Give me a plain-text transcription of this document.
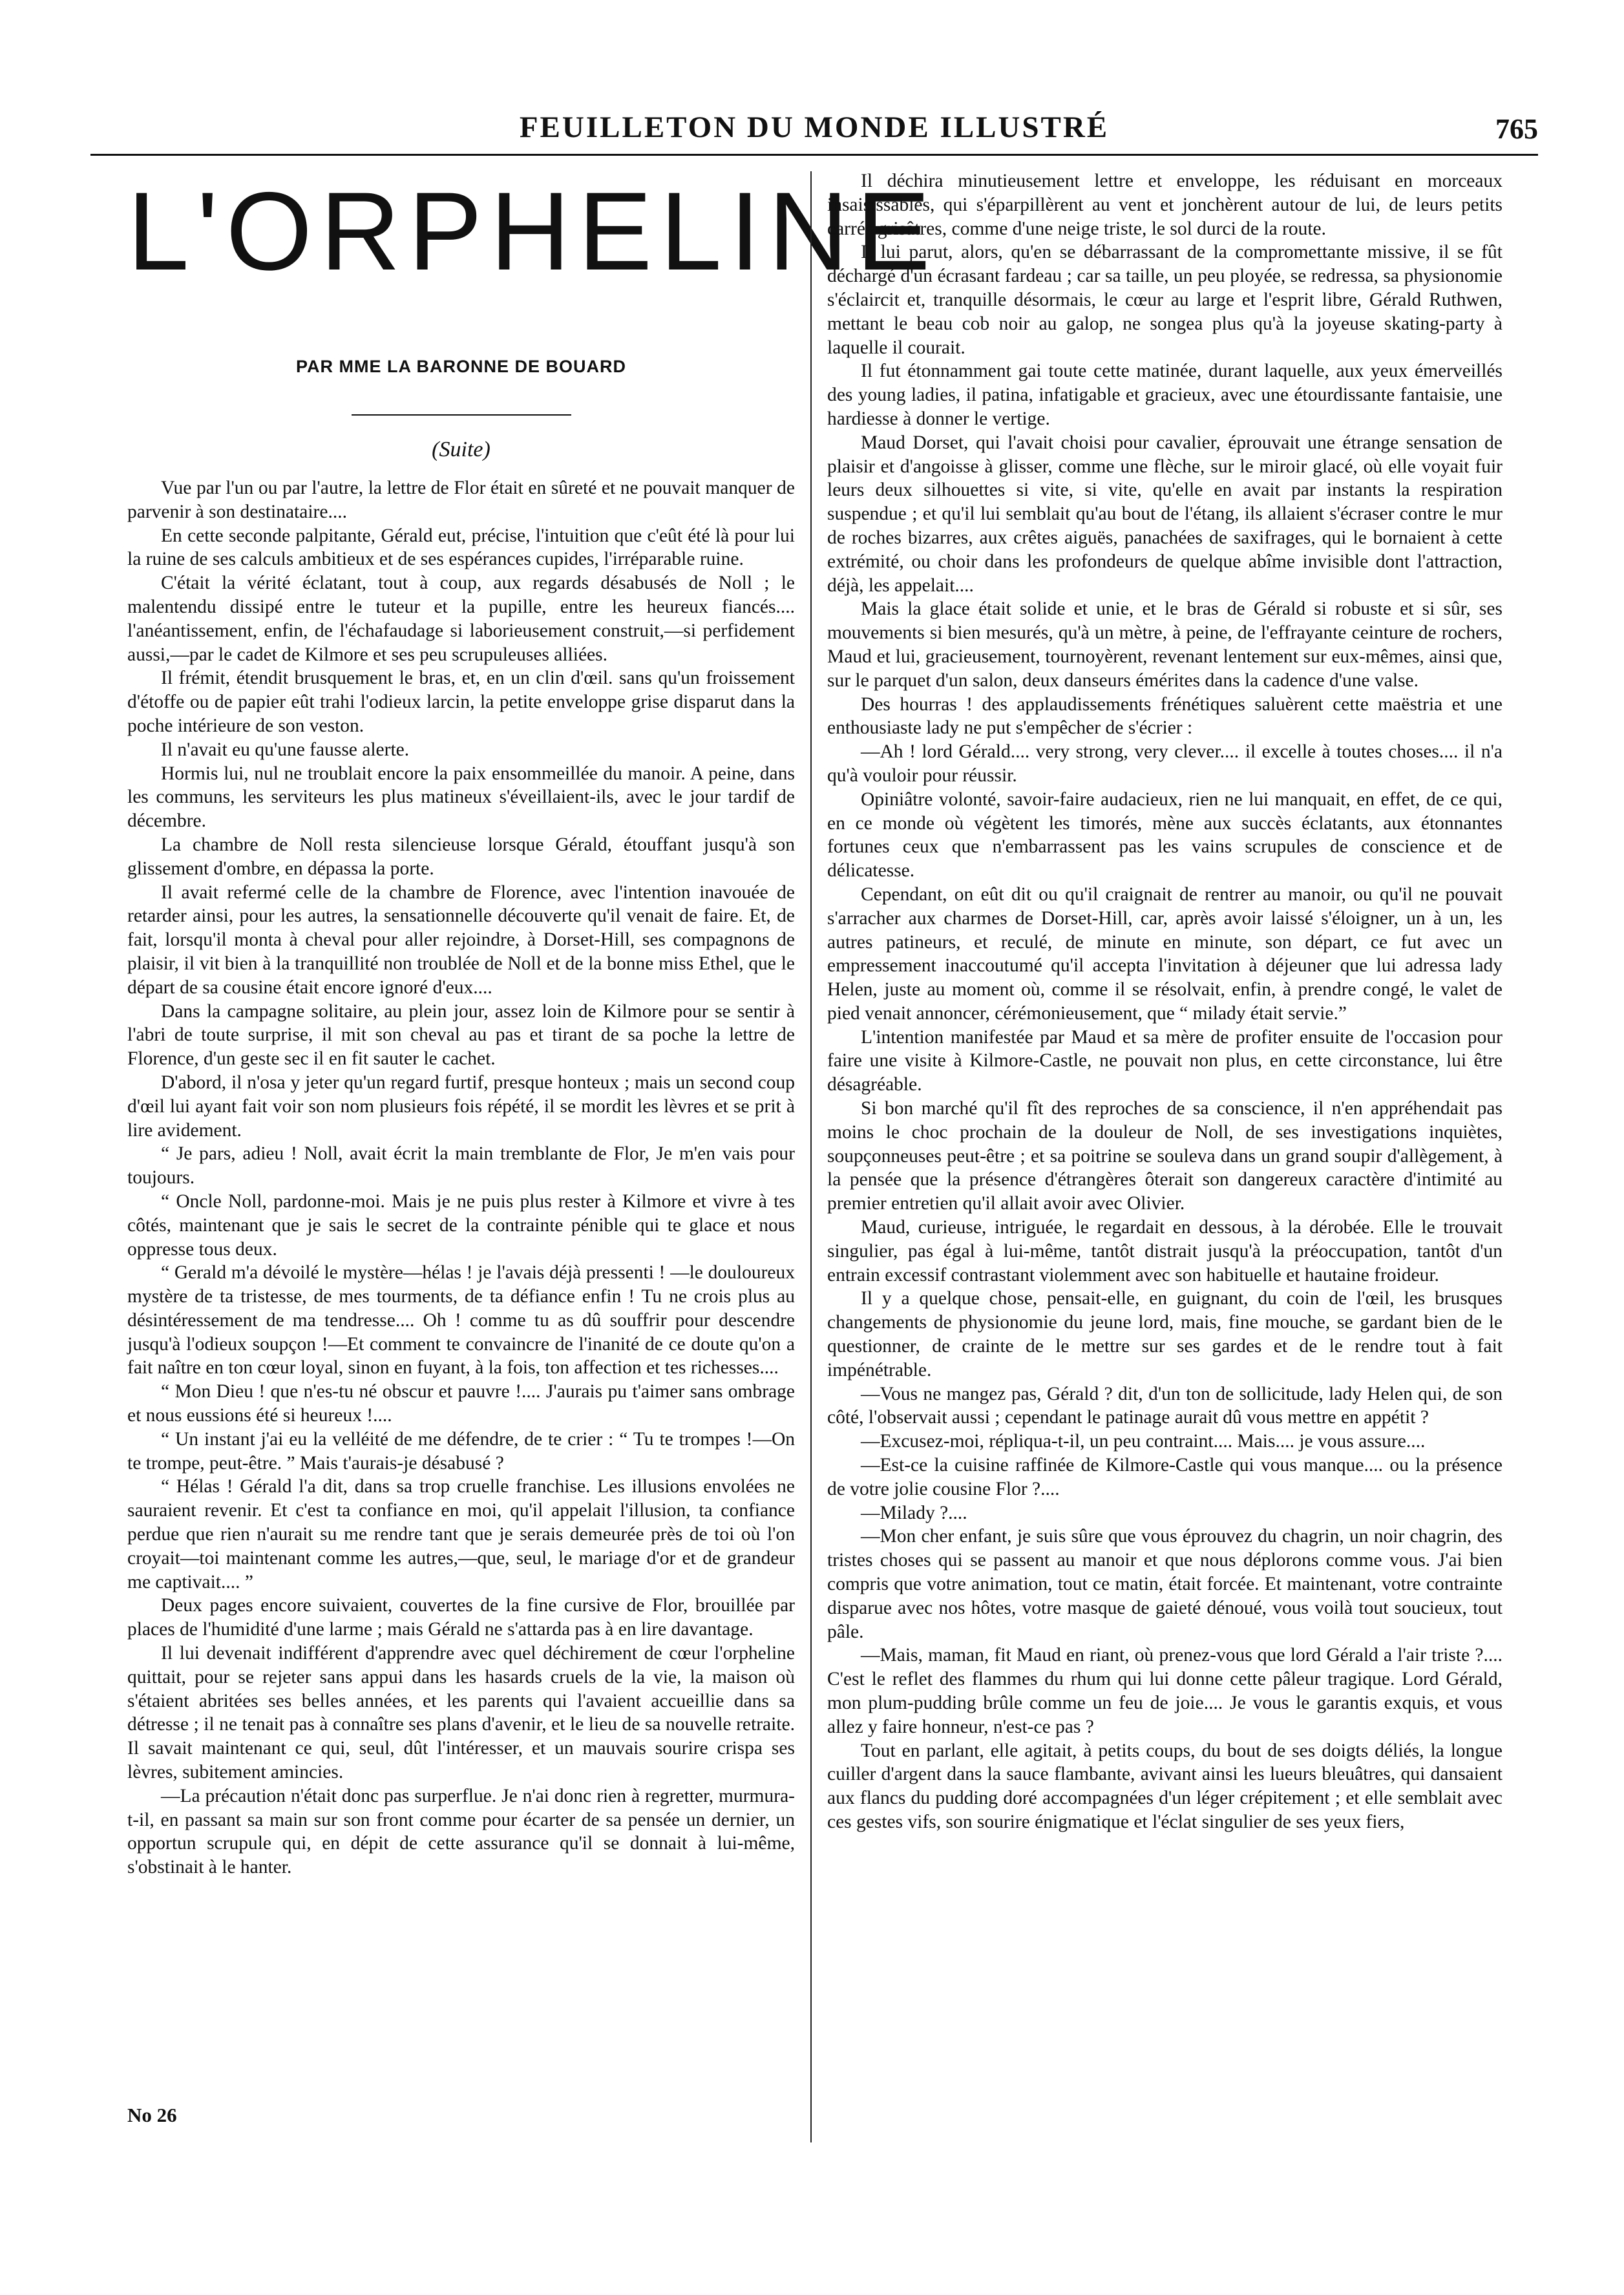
FEUILLETON DU MONDE ILLUSTRÉ	765
L'ORPHELINE
PAR MME LA BARONNE DE BOUARD
(Suite)

Vue par l'un ou par l'autre, la lettre de Flor était en sûreté et ne pouvait manquer de parvenir à son destinataire....

En cette seconde palpitante, Gérald eut, précise, l'intuition que c'eût été là pour lui la ruine de ses calculs ambitieux et de ses espérances cupides, l'irréparable ruine.

C'était la vérité éclatant, tout à coup, aux regards désabusés de Noll ; le malentendu dissipé entre le tuteur et la pupille, entre les heureux fiancés.... l'anéantissement, enfin, de l'échafaudage si laborieusement construit,—si perfidement aussi,—par le cadet de Kilmore et ses peu scrupuleuses alliées.

Il frémit, étendit brusquement le bras, et, en un clin d'œil. sans qu'un froissement d'étoffe ou de papier eût trahi l'odieux larcin, la petite enveloppe grise disparut dans la poche intérieure de son veston.

Il n'avait eu qu'une fausse alerte.

Hormis lui, nul ne troublait encore la paix ensommeillée du manoir. A peine, dans les communs, les serviteurs les plus matineux s'éveillaient-ils, avec le jour tardif de décembre.

La chambre de Noll resta silencieuse lorsque Gérald, étouffant jusqu'à son glissement d'ombre, en dépassa la porte.

Il avait refermé celle de la chambre de Florence, avec l'intention inavouée de retarder ainsi, pour les autres, la sensationnelle découverte qu'il venait de faire. Et, de fait, lorsqu'il monta à cheval pour aller rejoindre, à Dorset-Hill, ses compagnons de plaisir, il vit bien à la tranquillité non troublée de Noll et de la bonne miss Ethel, que le départ de sa cousine était encore ignoré d'eux....

Dans la campagne solitaire, au plein jour, assez loin de Kilmore pour se sentir à l'abri de toute surprise, il mit son cheval au pas et tirant de sa poche la lettre de Florence, d'un geste sec il en fit sauter le cachet.

D'abord, il n'osa y jeter qu'un regard furtif, presque honteux ; mais un second coup d'œil lui ayant fait voir son nom plusieurs fois répété, il se mordit les lèvres et se prit à lire avidement.

“ Je pars, adieu ! Noll, avait écrit la main tremblante de Flor, Je m'en vais pour toujours.

“ Oncle Noll, pardonne-moi. Mais je ne puis plus rester à Kilmore et vivre à tes côtés, maintenant que je sais le secret de la contrainte pénible qui te glace et nous oppresse tous deux.

“ Gerald m'a dévoilé le mystère—hélas ! je l'avais déjà pressenti ! —le douloureux mystère de ta tristesse, de mes tourments, de ta défiance enfin ! Tu ne crois plus au désintéressement de ma tendresse.... Oh ! comme tu as dû souffrir pour descendre jusqu'à l'odieux soupçon !—Et comment te convaincre de l'inanité de ce doute qu'on a fait naître en ton cœur loyal, sinon en fuyant, à la fois, ton affection et tes richesses....

“ Mon Dieu ! que n'es-tu né obscur et pauvre !.... J'aurais pu t'aimer sans ombrage et nous eussions été si heureux !....

“ Un instant j'ai eu la velléité de me défendre, de te crier : “ Tu te trompes !—On te trompe, peut-être. ” Mais t'aurais-je désabusé ?

“ Hélas ! Gérald l'a dit, dans sa trop cruelle franchise. Les illusions envolées ne sauraient revenir. Et c'est ta confiance en moi, qu'il appelait l'illusion, ta confiance perdue que rien n'aurait su me rendre tant que je serais demeurée près de toi où l'on croyait—toi maintenant comme les autres,—que, seul, le mariage d'or et de grandeur me captivait.... ”

Deux pages encore suivaient, couvertes de la fine cursive de Flor, brouillée par places de l'humidité d'une larme ; mais Gérald ne s'attarda pas à en lire davantage.

Il lui devenait indifférent d'apprendre avec quel déchirement de cœur l'orpheline quittait, pour se rejeter sans appui dans les hasards cruels de la vie, la maison où s'étaient abritées ses belles années, et les parents qui l'avaient accueillie dans sa détresse ; il ne tenait pas à connaître ses plans d'avenir, et le lieu de sa nouvelle retraite. Il savait maintenant ce qui, seul, dût l'intéresser, et un mauvais sourire crispa ses lèvres, subitement amincies.

—La précaution n'était donc pas surperflue. Je n'ai donc rien à regretter, murmura-t-il, en passant sa main sur son front comme pour écarter de sa pensée un dernier, un opportun scrupule qui, en dépit de cette assurance qu'il se donnait à lui-même, s'obstinait à le hanter.

Il déchira minutieusement lettre et enveloppe, les réduisant en morceaux insaisissables, qui s'éparpillèrent au vent et jonchèrent autour de lui, de leurs petits carrés grisâtres, comme d'une neige triste, le sol durci de la route.

Il lui parut, alors, qu'en se débarrassant de la compromettante missive, il se fût déchargé d'un écrasant fardeau ; car sa taille, un peu ployée, se redressa, sa physionomie s'éclaircit et, tranquille désormais, le cœur au large et l'esprit libre, Gérald Ruthwen, mettant le beau cob noir au galop, ne songea plus qu'à la joyeuse skating-party à laquelle il courait.

Il fut étonnamment gai toute cette matinée, durant laquelle, aux yeux émerveillés des young ladies, il patina, infatigable et gracieux, avec une étourdissante fantaisie, une hardiesse à donner le vertige.

Maud Dorset, qui l'avait choisi pour cavalier, éprouvait une étrange sensation de plaisir et d'angoisse à glisser, comme une flèche, sur le miroir glacé, où elle voyait fuir leurs deux silhouettes si vite, si vite, qu'elle en avait par instants la respiration suspendue ; et qu'il lui semblait qu'au bout de l'étang, ils allaient s'écraser contre le mur de roches bizarres, aux crêtes aiguës, panachées de saxifrages, qui le bornaient à cette extrémité, ou choir dans les profondeurs de quelque abîme invisible dont l'attraction, déjà, les appelait....

Mais la glace était solide et unie, et le bras de Gérald si robuste et si sûr, ses mouvements si bien mesurés, qu'à un mètre, à peine, de l'effrayante ceinture de rochers, Maud et lui, gracieusement, tournoyèrent, revenant lentement sur eux-mêmes, ainsi que, sur le parquet d'un salon, deux danseurs émérites dans la cadence d'une valse.

Des hourras ! des applaudissements frénétiques saluèrent cette maëstria et une enthousiaste lady ne put s'empêcher de s'écrier :

—Ah ! lord Gérald.... very strong, very clever.... il excelle à toutes choses.... il n'a qu'à vouloir pour réussir.

Opiniâtre volonté, savoir-faire audacieux, rien ne lui manquait, en effet, de ce qui, en ce monde où végètent les timorés, mène aux succès éclatants, aux étonnantes fortunes ceux que n'embarrassent pas les vains scrupules de conscience et de délicatesse.

Cependant, on eût dit ou qu'il craignait de rentrer au manoir, ou qu'il ne pouvait s'arracher aux charmes de Dorset-Hill, car, après avoir laissé s'éloigner, un à un, les autres patineurs, et reculé, de minute en minute, son départ, ce fut avec un empressement inaccoutumé qu'il accepta l'invitation à déjeuner que lui adressa lady Helen, juste au moment où, comme il se résolvait, enfin, à prendre congé, le valet de pied venait annoncer, cérémonieusement, que “ milady était servie.”

L'intention manifestée par Maud et sa mère de profiter ensuite de l'occasion pour faire une visite à Kilmore-Castle, ne pouvait non plus, en cette circonstance, lui être désagréable.

Si bon marché qu'il fît des reproches de sa conscience, il n'en appréhendait pas moins le choc prochain de la douleur de Noll, de ses investigations inquiètes, soupçonneuses peut-être ; et sa poitrine se souleva dans un grand soupir d'allègement, à la pensée que la présence d'étrangères ôterait son dangereux caractère d'intimité au premier entretien qu'il allait avoir avec Olivier.

Maud, curieuse, intriguée, le regardait en dessous, à la dérobée. Elle le trouvait singulier, pas égal à lui-même, tantôt distrait jusqu'à la préoccupation, tantôt d'un entrain excessif contrastant violemment avec son habituelle et hautaine froideur.

Il y a quelque chose, pensait-elle, en guignant, du coin de l'œil, les brusques changements de physionomie du jeune lord, mais, fine mouche, se gardant bien de le questionner, de crainte de le mettre sur ses gardes et de le rendre tout à fait impénétrable.

—Vous ne mangez pas, Gérald ? dit, d'un ton de sollicitude, lady Helen qui, de son côté, l'observait aussi ; cependant le patinage aurait dû vous mettre en appétit ?

—Excusez-moi, répliqua-t-il, un peu contraint.... Mais.... je vous assure....

—Est-ce la cuisine raffinée de Kilmore-Castle qui vous manque.... ou la présence de votre jolie cousine Flor ?....

—Milady ?....

—Mon cher enfant, je suis sûre que vous éprouvez du chagrin, un noir chagrin, des tristes choses qui se passent au manoir et que nous déplorons comme vous. J'ai bien compris que votre animation, tout ce matin, était forcée. Et maintenant, votre contrainte disparue avec nos hôtes, votre masque de gaieté dénoué, vous voilà tout soucieux, tout pâle.

—Mais, maman, fit Maud en riant, où prenez-vous que lord Gérald a l'air triste ?.... C'est le reflet des flammes du rhum qui lui donne cette pâleur tragique. Lord Gérald, mon plum-pudding brûle comme un feu de joie.... Je vous le garantis exquis, et vous allez y faire honneur, n'est-ce pas ?

Tout en parlant, elle agitait, à petits coups, du bout de ses doigts déliés, la longue cuiller d'argent dans la sauce flambante, avivant ainsi les lueurs bleuâtres, qui dansaient aux flancs du pudding doré accompagnées d'un léger crépitement ; et elle semblait avec ces gestes vifs, son sourire énigmatique et l'éclat singulier de ses yeux fiers,

No 26
